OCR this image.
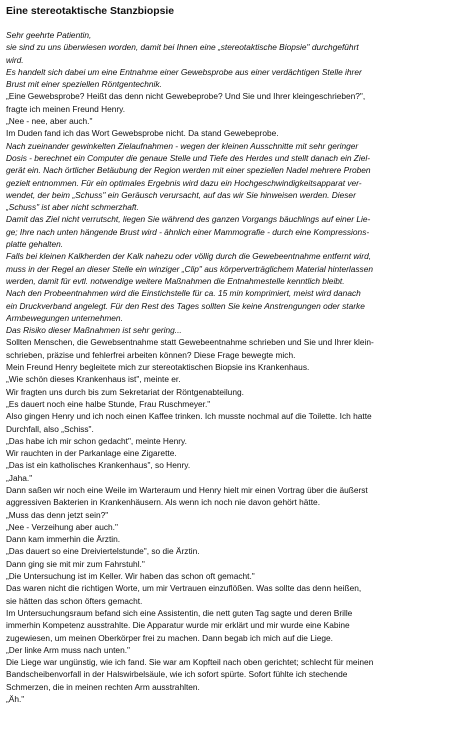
Eine stereotaktische Stanzbiopsie
Sehr geehrte Patientin,
sie sind zu uns überwiesen worden, damit bei Ihnen eine „stereotaktische Biopsie" durchgeführt
wird.
Es handelt sich dabei um eine Entnahme einer Gewebsprobe aus einer verdächtigen Stelle ihrer
Brust mit einer speziellen Röntgentechnik.
„Eine Gewebsprobe? Heißt das denn nicht Gewebeprobe? Und Sie und Ihrer kleingeschrieben?",
fragte ich meinen Freund Henry.
„Nee - nee, aber auch."
Im Duden fand ich das Wort Gewebsprobe nicht. Da stand Gewebeprobe.
Nach zueinander gewinkelten Zielaufnahmen - wegen der kleinen Ausschnitte mit sehr geringer
Dosis - berechnet ein Computer die genaue Stelle und Tiefe des Herdes und stellt danach ein Ziel-
gerät ein. Nach örtlicher Betäubung der Region werden mit einer speziellen Nadel mehrere Proben
gezielt entnommen. Für ein optimales Ergebnis wird dazu ein Hochgeschwindigkeitsapparat ver-
wendet, der beim „Schuss" ein Geräusch verursacht, auf das wir Sie hinweisen werden. Dieser
„Schuss" ist aber nicht schmerzhaft.
Damit das Ziel nicht verrutscht, liegen Sie während des ganzen Vorgangs bäuchlings auf einer Lie-
ge; Ihre nach unten hängende Brust wird - ähnlich einer Mammografie - durch eine Kompressions-
platte gehalten.
Falls bei kleinen Kalkherden der Kalk nahezu oder völlig durch die Gewebeentnahme entfernt wird,
muss in der Regel an dieser Stelle ein winziger „Clip" aus körperverträglichem Material hinterlassen
werden, damit für evtl. notwendige weitere Maßnahmen die Entnahmestelle kenntlich bleibt.
Nach den Probeentnahmen wird die Einstichstelle für ca. 15 min komprimiert, meist wird danach
ein Druckverband angelegt. Für den Rest des Tages sollten Sie keine Anstrengungen oder starke
Armbewegungen unternehmen.
Das Risiko dieser Maßnahmen ist sehr gering...
Sollten Menschen, die Gewebsentnahme statt Gewebeentnahme schrieben und Sie und Ihrer klein-
schrieben, präzise und fehlerfrei arbeiten können? Diese Frage bewegte mich.
Mein Freund Henry begleitete mich zur stereotaktischen Biopsie ins Krankenhaus.
„Wie schön dieses Krankenhaus ist", meinte er.
Wir fragten uns durch bis zum Sekretariat der Röntgenabteilung.
„Es dauert noch eine halbe Stunde, Frau Ruschmeyer."
Also gingen Henry und ich noch einen Kaffee trinken. Ich musste nochmal auf die Toilette. Ich hatte
Durchfall, also „Schiss".
„Das habe ich mir schon gedacht", meinte Henry.
Wir rauchten in der Parkanlage eine Zigarette.
„Das ist ein katholisches Krankenhaus", so Henry.
„Jaha."
Dann saßen wir noch eine Weile im Warteraum und Henry hielt mir einen Vortrag über die äußerst
aggressiven Bakterien in Krankenhäusern. Als wenn ich noch nie davon gehört hätte.
„Muss das denn jetzt sein?"
„Nee - Verzeihung aber auch."
Dann kam immerhin die Ärztin.
„Das dauert so eine Dreiviertelstunde", so die Ärztin.
Dann ging sie mit mir zum Fahrstuhl."
„Die Untersuchung ist im Keller. Wir haben das schon oft gemacht."
Das waren nicht die richtigen Worte, um mir Vertrauen einzuflößen. Was sollte das denn heißen,
sie hätten das schon öfters gemacht.
Im Untersuchungsraum befand sich eine Assistentin, die nett guten Tag sagte und deren Brille
immerhin Kompetenz ausstrahlte. Die Apparatur wurde mir erklärt und mir wurde eine Kabine
zugewiesen, um meinen Oberkörper frei zu machen. Dann begab ich mich auf die Liege.
„Der linke Arm muss nach unten."
Die Liege war ungünstig, wie ich fand. Sie war am Kopfteil nach oben gerichtet; schlecht für meinen
Bandscheibenvorfall in der Halswirbelsäule, wie ich sofort spürte. Sofort fühlte ich stechende
Schmerzen, die in meinen rechten Arm ausstrahlten.
„Äh."
